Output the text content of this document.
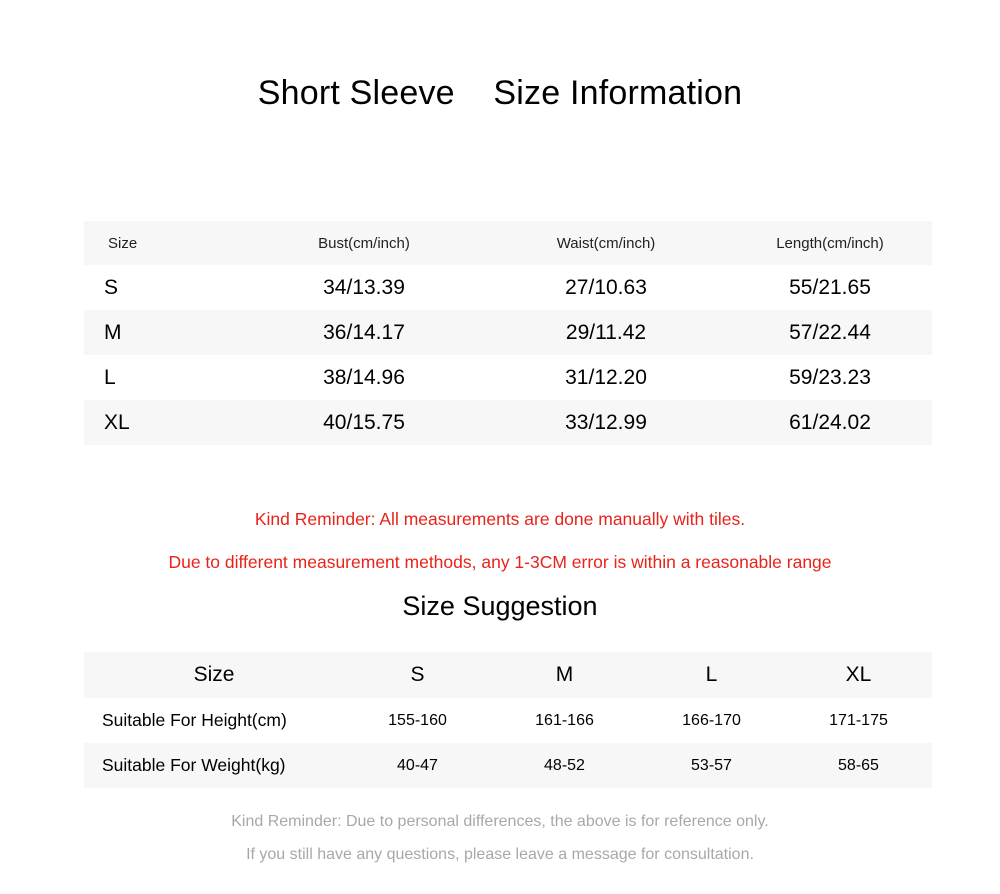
Short Sleeve Size Information
Size	Bust(cm/inch)	Waist(cm/inch)	Length(cm/inch)
S	34/13.39	27/10.63	55/21.65
M	36/14.17	29/11.42	57/22.44
L	38/14.96	31/12.20	59/23.23
XL	40/15.75	33/12.99	61/24.02
Kind Reminder: All measurements are done manually with tiles.
Due to different measurement methods, any 1-3CM error is within a reasonable range
Size Suggestion
Size	S	M	L	XL
Suitable For Height(cm)	155-160	161-166	166-170	171-175
Suitable For Weight(kg)	40-47	48-52	53-57	58-65
Kind Reminder: Due to personal differences, the above is for reference only.
If you still have any questions, please leave a message for consultation.
